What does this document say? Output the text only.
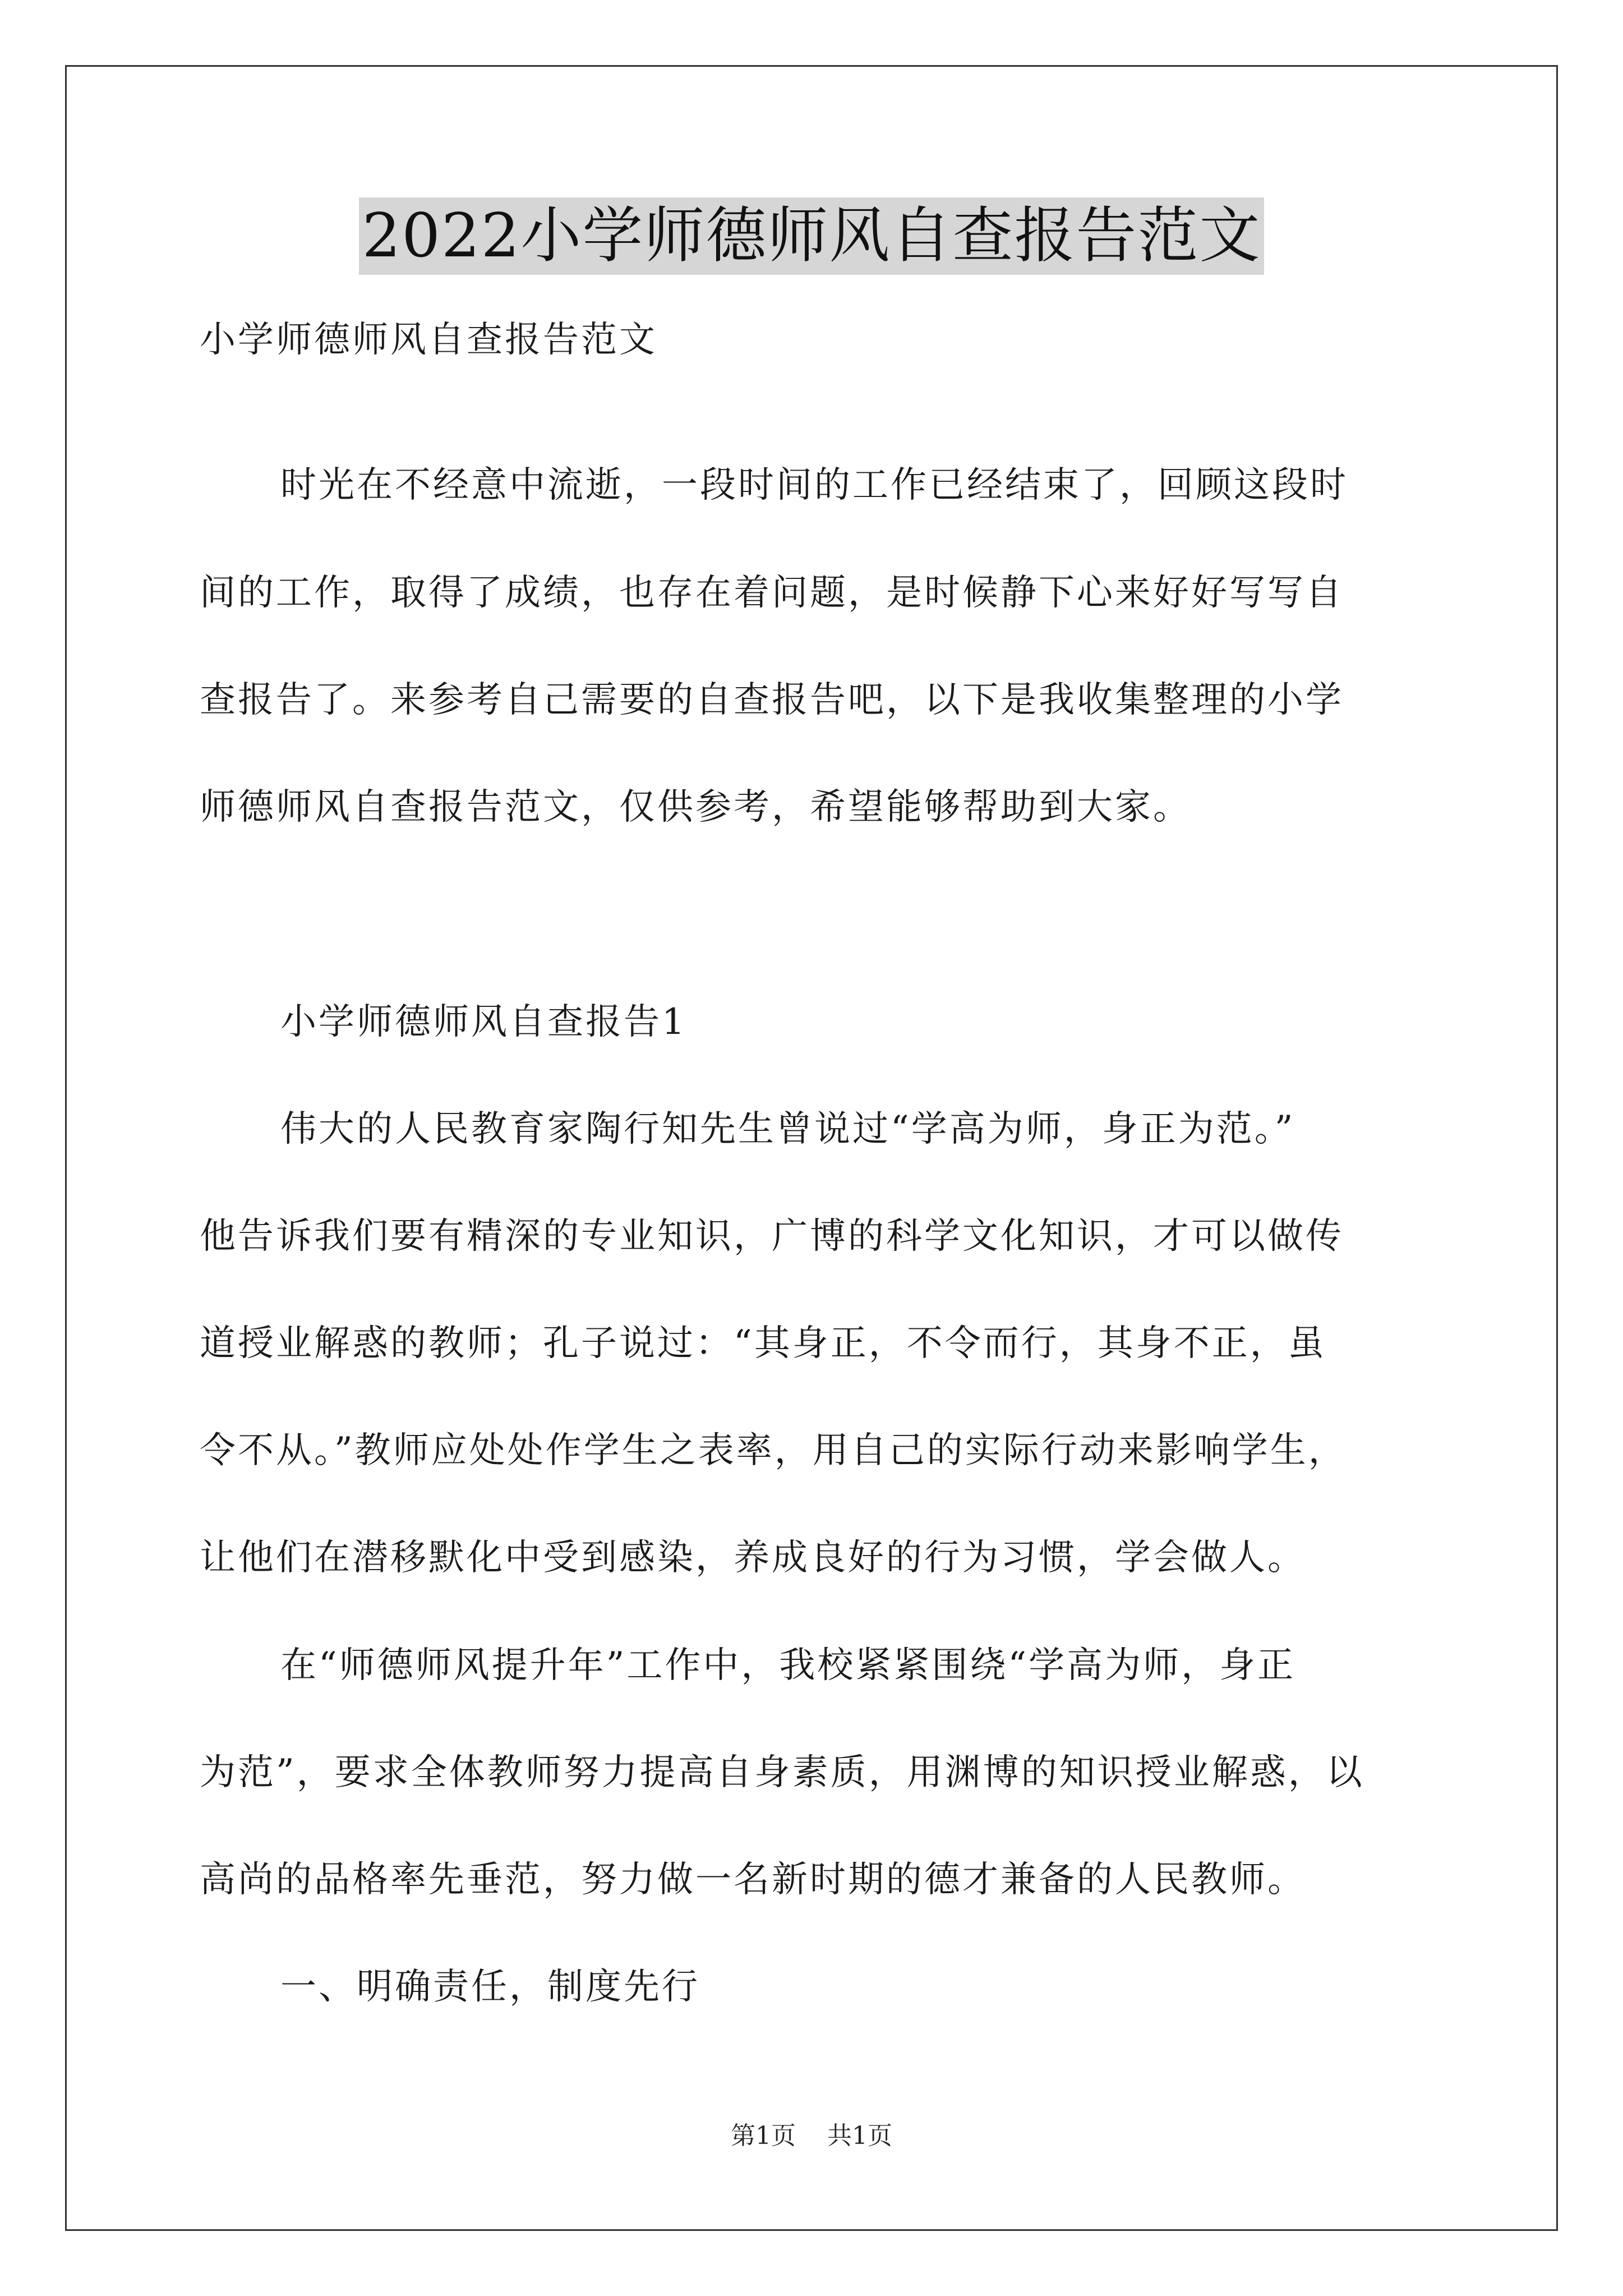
2022小学师德师风自查报告范文
小学师德师风自查报告范文
时光在不经意中流逝，一段时间的工作已经结束了，回顾这段时
间的工作，取得了成绩，也存在着问题，是时候静下心来好好写写自
查报告了。来参考自己需要的自查报告吧，以下是我收集整理的小学
师德师风自查报告范文，仅供参考，希望能够帮助到大家。
小学师德师风自查报告1
伟大的人民教育家陶行知先生曾说过“学高为师，身正为范。”
他告诉我们要有精深的专业知识，广博的科学文化知识，才可以做传
道授业解惑的教师；孔子说过：“其身正，不令而行，其身不正，虽
令不从。”教师应处处作学生之表率，用自己的实际行动来影响学生，
让他们在潜移默化中受到感染，养成良好的行为习惯，学会做人。
在“师德师风提升年”工作中，我校紧紧围绕“学高为师，身正
为范”，要求全体教师努力提高自身素质，用渊博的知识授业解惑，以
高尚的品格率先垂范，努力做一名新时期的德才兼备的人民教师。
一、明确责任，制度先行
第1页 共1页
